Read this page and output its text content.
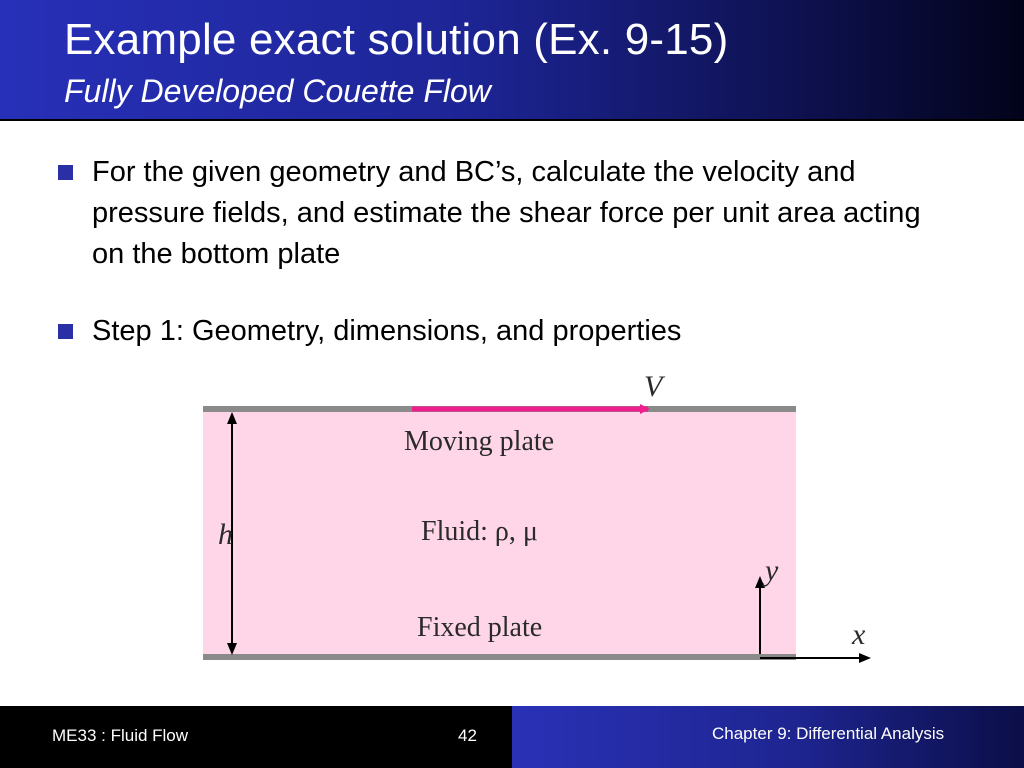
Example exact solution (Ex. 9-15)
Fully Developed Couette Flow
For the given geometry and BC’s, calculate the velocity and pressure fields, and estimate the shear force per unit area acting on the bottom plate
Step 1: Geometry, dimensions, and properties
V
Moving plate
Fluid: ρ, μ
Fixed plate
h
y
x
ME33 : Fluid Flow	42	Chapter 9: Differential Analysis
